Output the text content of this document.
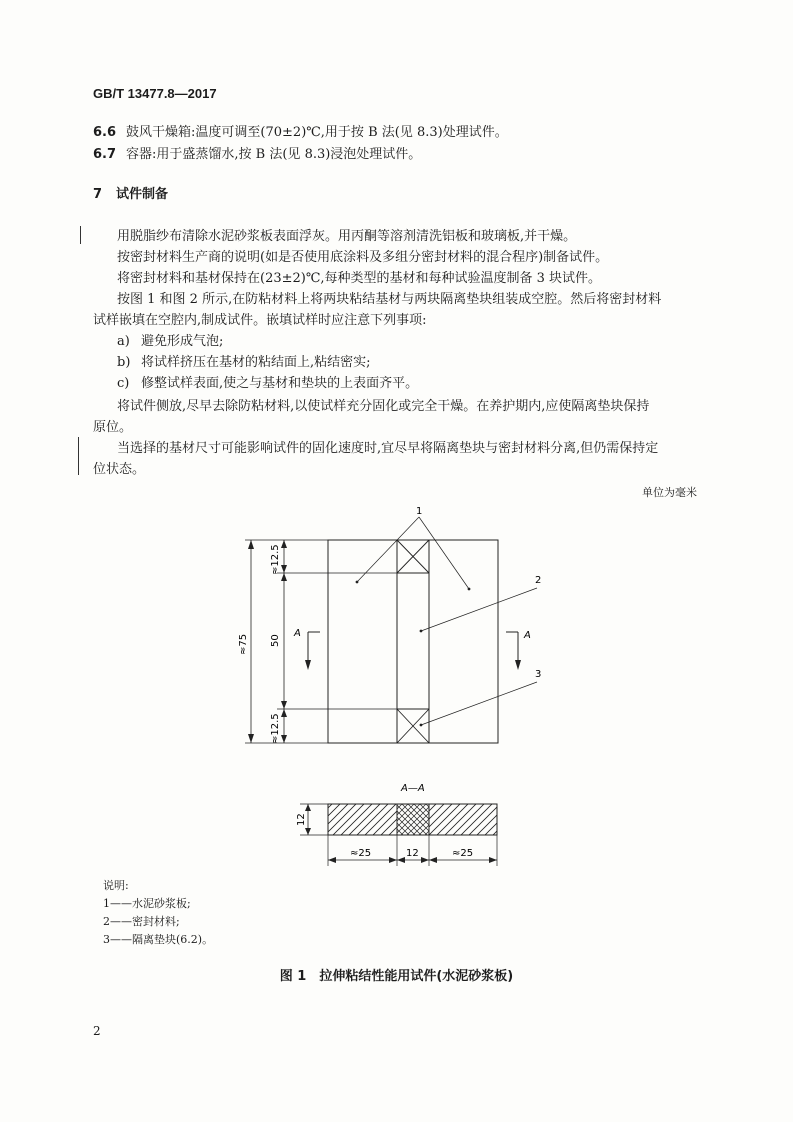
GB/T 13477.8—2017
6.6 鼓风干燥箱:温度可调至(70±2)℃,用于按 B 法(见 8.3)处理试件。
6.7 容器:用于盛蒸馏水,按 B 法(见 8.3)浸泡处理试件。
7 试件制备
用脱脂纱布清除水泥砂浆板表面浮灰。用丙酮等溶剂清洗铝板和玻璃板,并干燥。
按密封材料生产商的说明(如是否使用底涂料及多组分密封材料的混合程序)制备试件。
将密封材料和基材保持在(23±2)℃,每种类型的基材和每种试验温度制备 3 块试件。
按图 1 和图 2 所示,在防粘材料上将两块粘结基材与两块隔离垫块组装成空腔。然后将密封材料
试样嵌填在空腔内,制成试件。嵌填试样时应注意下列事项:
a) 避免形成气泡;
b) 将试样挤压在基材的粘结面上,粘结密实;
c) 修整试样表面,使之与基材和垫块的上表面齐平。
将试件侧放,尽早去除防粘材料,以使试样充分固化或完全干燥。在养护期内,应使隔离垫块保持
原位。
当选择的基材尺寸可能影响试件的固化速度时,宜尽早将隔离垫块与密封材料分离,但仍需保持定
位状态。
单位为毫米
≈12.5
50
≈12.5
≈75
A	A
1
2
3
A—A
12
≈25	12	≈25
说明:
1——水泥砂浆板;
2——密封材料;
3——隔离垫块(6.2)。
图 1　拉伸粘结性能用试件(水泥砂浆板)
2
